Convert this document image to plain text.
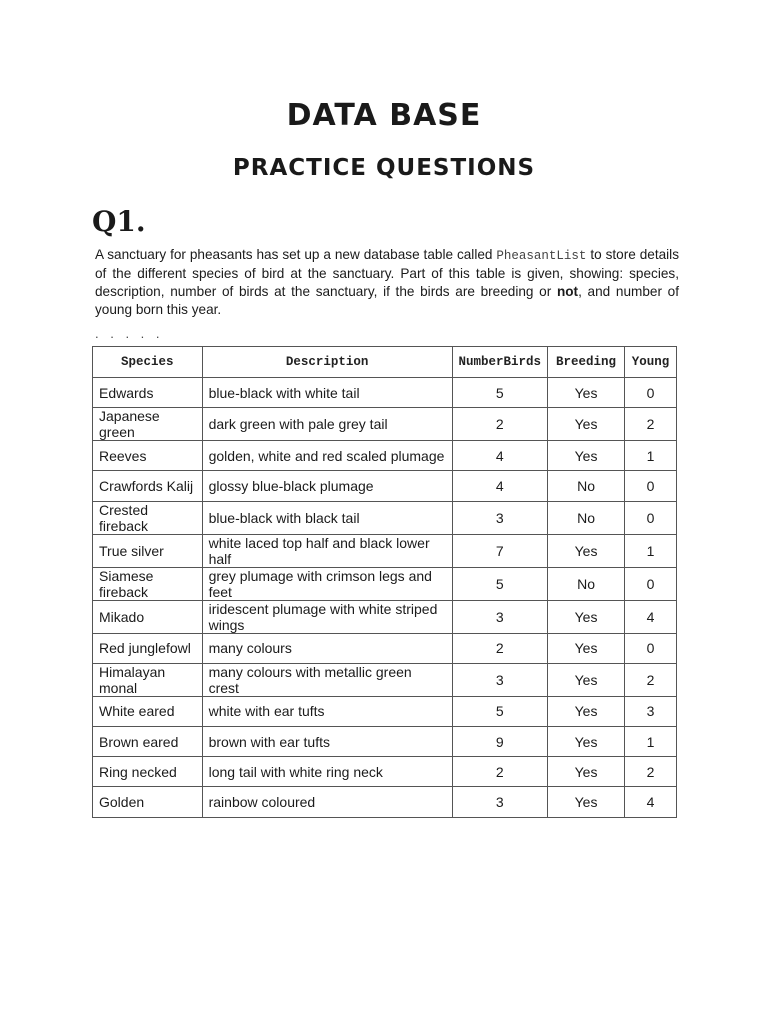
DATA BASE
PRACTICE QUESTIONS
Q1.
A sanctuary for pheasants has set up a new database table called PheasantList to store details of the different species of bird at the sanctuary. Part of this table is given, showing: species, description, number of birds at the sanctuary, if the birds are breeding or not, and number of young born this year.
. . . . .
Species	Description	NumberBirds	Breeding	Young
Edwards	blue-black with white tail	5	Yes	0
Japanese green	dark green with pale grey tail	2	Yes	2
Reeves	golden, white and red scaled plumage	4	Yes	1
Crawfords Kalij	glossy blue-black plumage	4	No	0
Crested fireback	blue-black with black tail	3	No	0
True silver	white laced top half and black lower half	7	Yes	1
Siamese fireback	grey plumage with crimson legs and feet	5	No	0
Mikado	iridescent plumage with white striped wings	3	Yes	4
Red junglefowl	many colours	2	Yes	0
Himalayan monal	many colours with metallic green crest	3	Yes	2
White eared	white with ear tufts	5	Yes	3
Brown eared	brown with ear tufts	9	Yes	1
Ring necked	long tail with white ring neck	2	Yes	2
Golden	rainbow coloured	3	Yes	4
